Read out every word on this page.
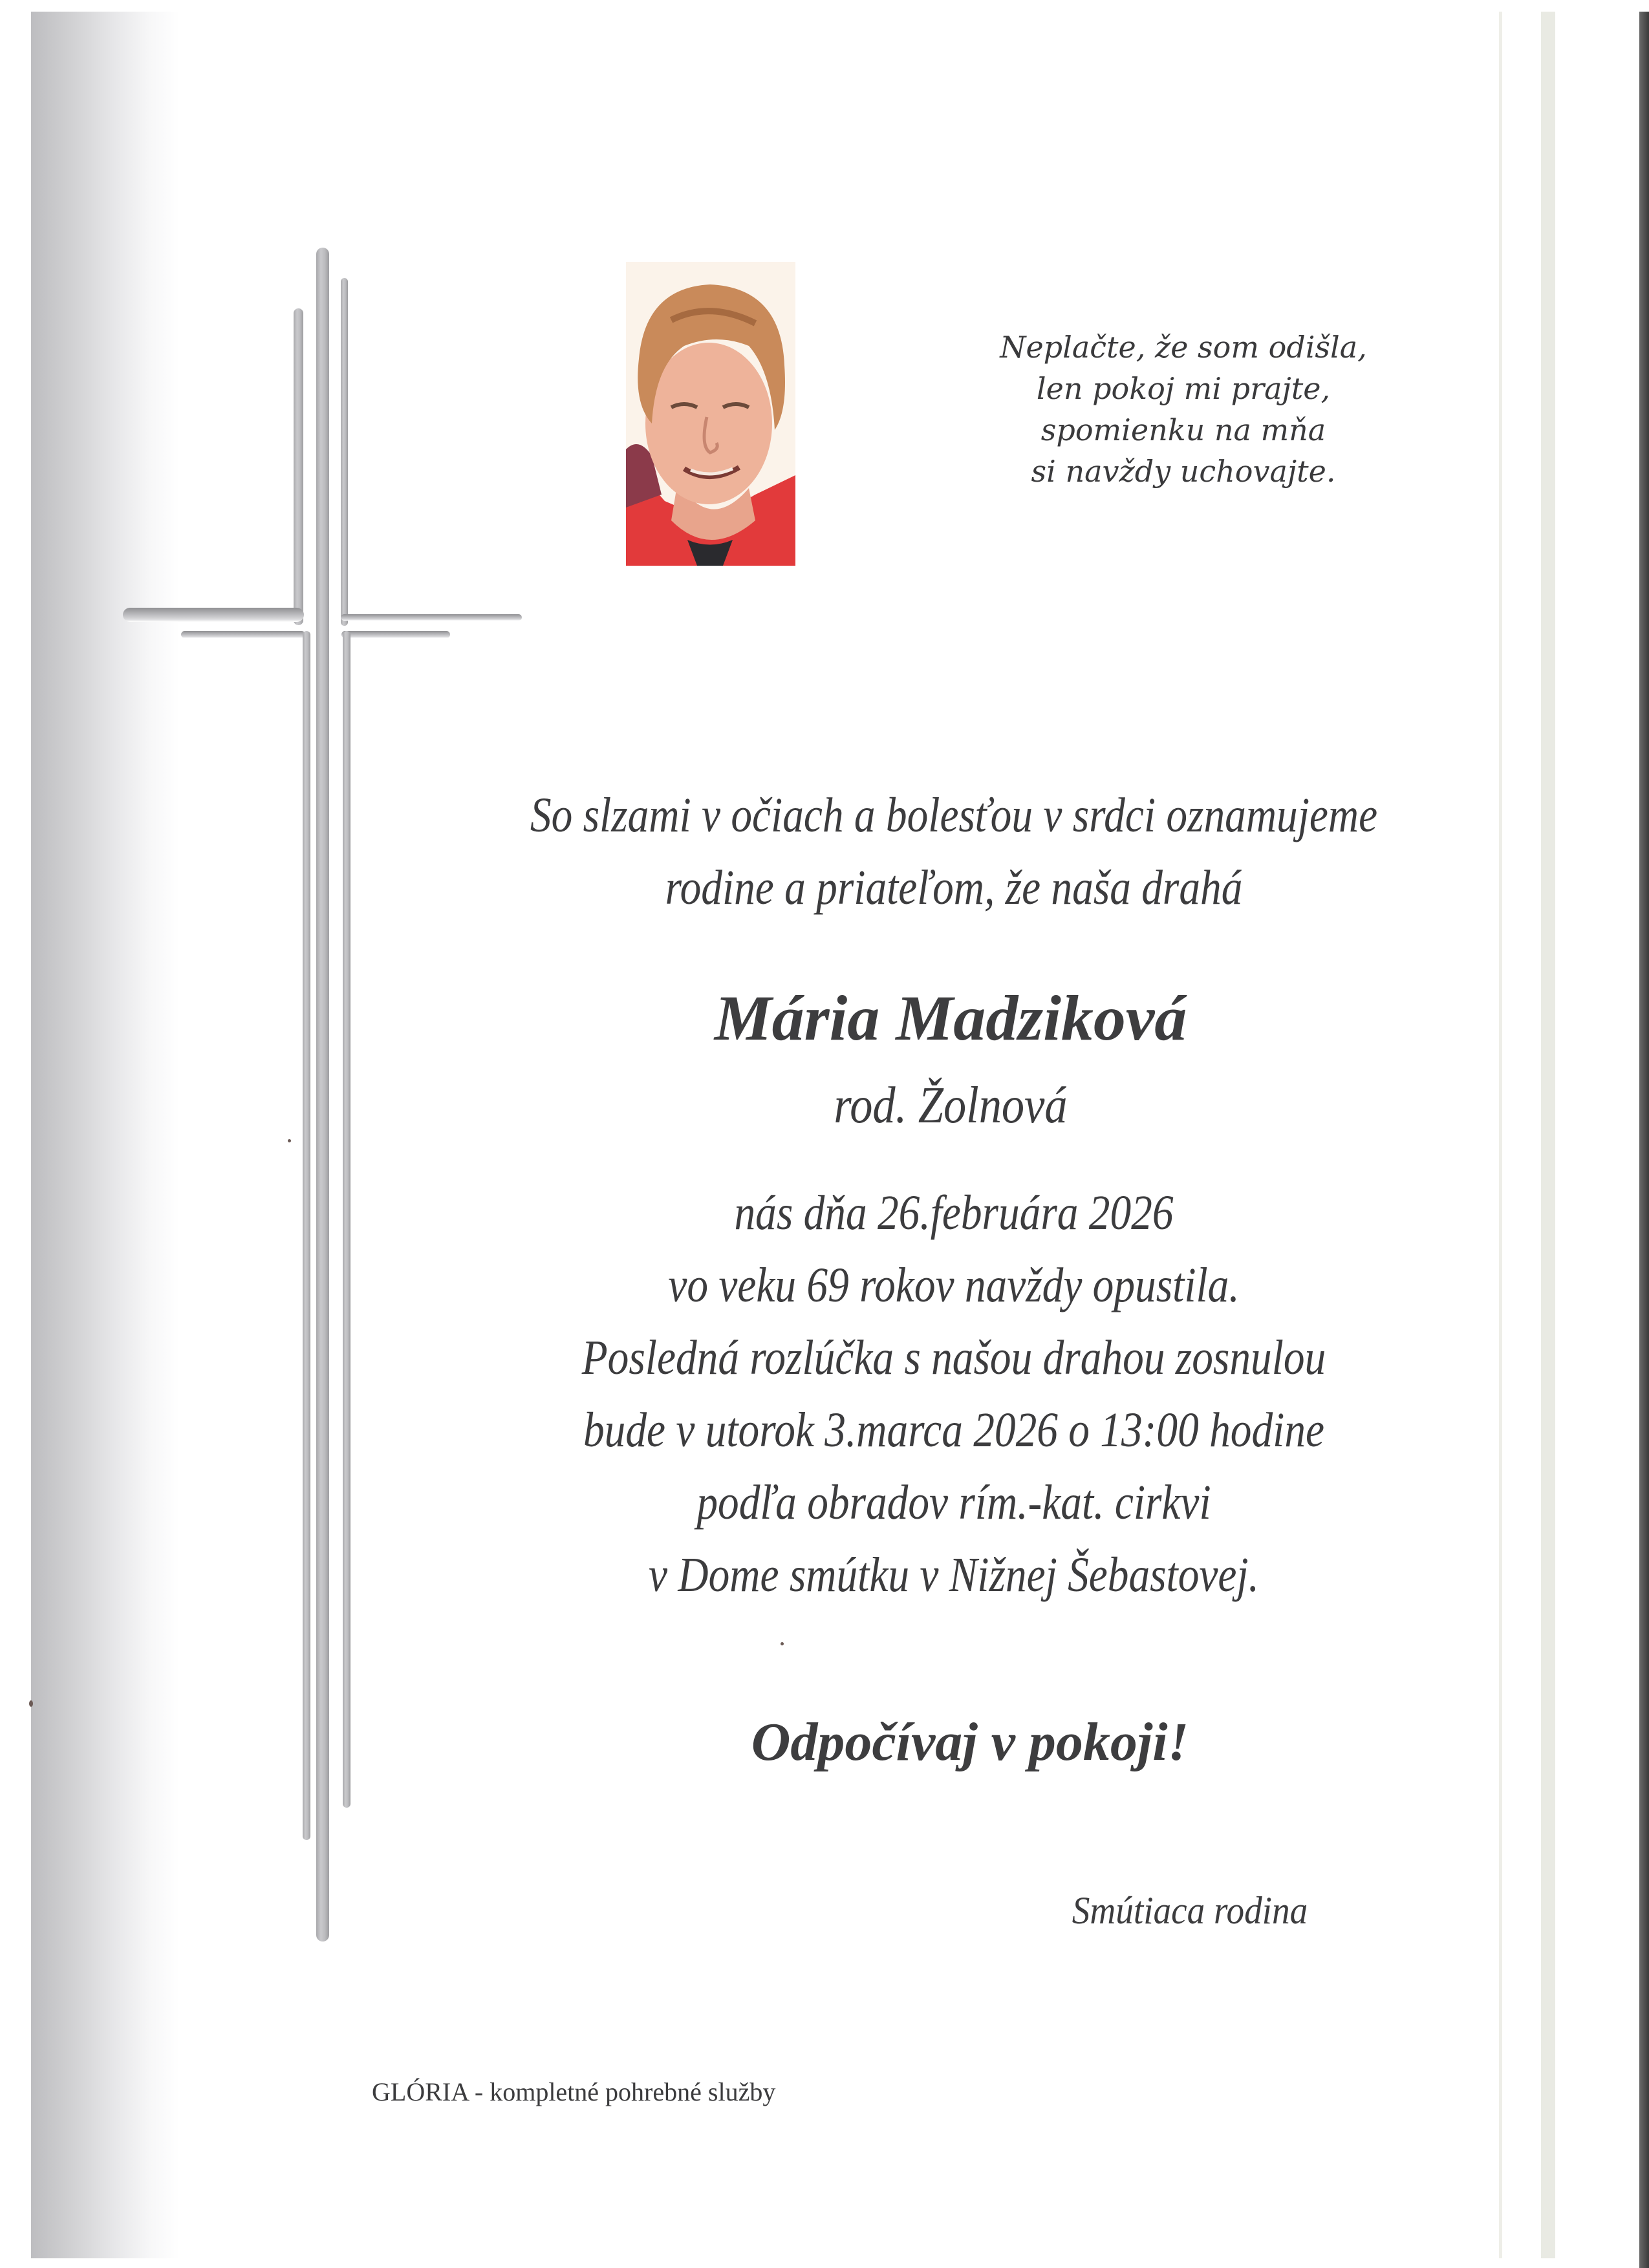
Neplačte, že som odišla,
len pokoj mi prajte,
spomienku na mňa
si navždy uchovajte.
So slzami v očiach a bolesťou v srdci oznamujeme
rodine a priateľom, že naša drahá
Mária Madziková
rod. Žolnová
nás dňa 26.februára 2026
vo veku 69 rokov navždy opustila.
Posledná rozlúčka s našou drahou zosnulou
bude v utorok 3.marca 2026 o 13:00 hodine
podľa obradov rím.-kat. cirkvi
v Dome smútku v Nižnej Šebastovej.
Odpočívaj v pokoji!
Smútiaca rodina
GLÓRIA - kompletné pohrebné služby
